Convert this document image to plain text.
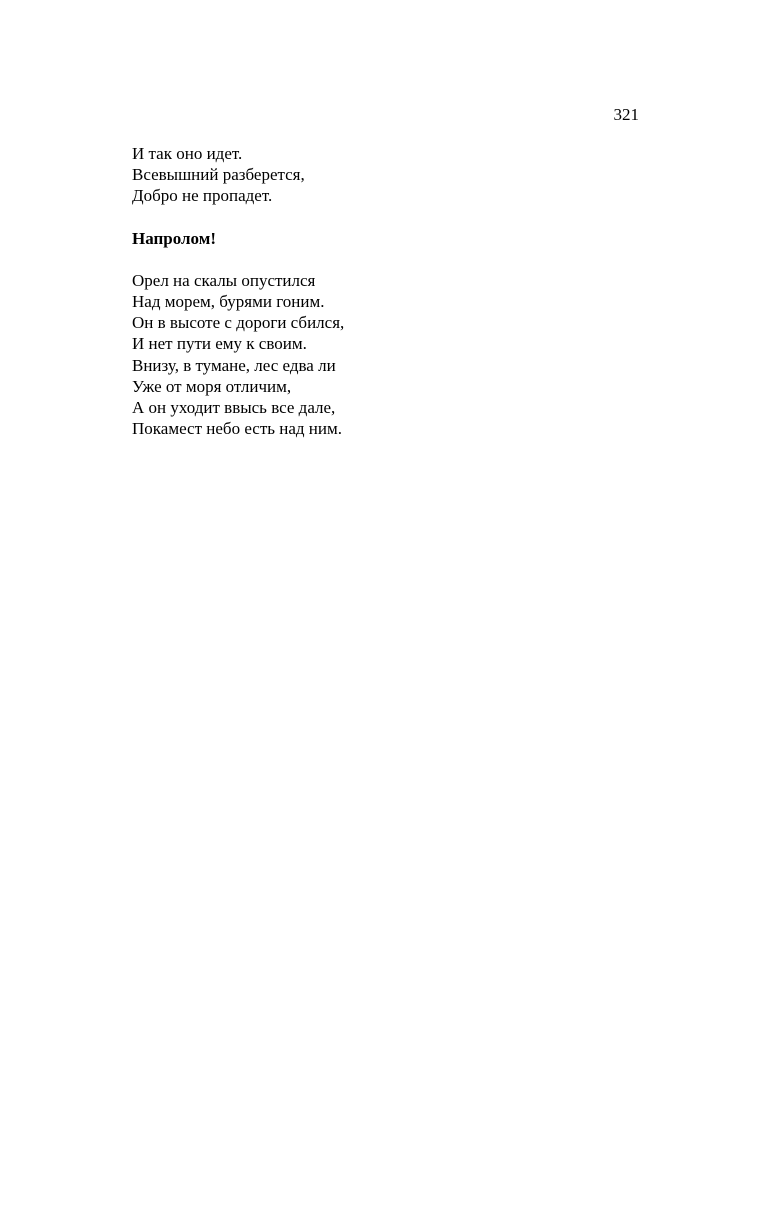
321
И так оно идет.
Всевышний разберется,
Добро не пропадет.
Напролом!
Орел на скалы опустился
Над морем, бурями гоним.
Он в высоте с дороги сбился,
И нет пути ему к своим.
Внизу, в тумане, лес едва ли
Уже от моря отличим,
А он уходит ввысь все дале,
Покамест небо есть над ним.
